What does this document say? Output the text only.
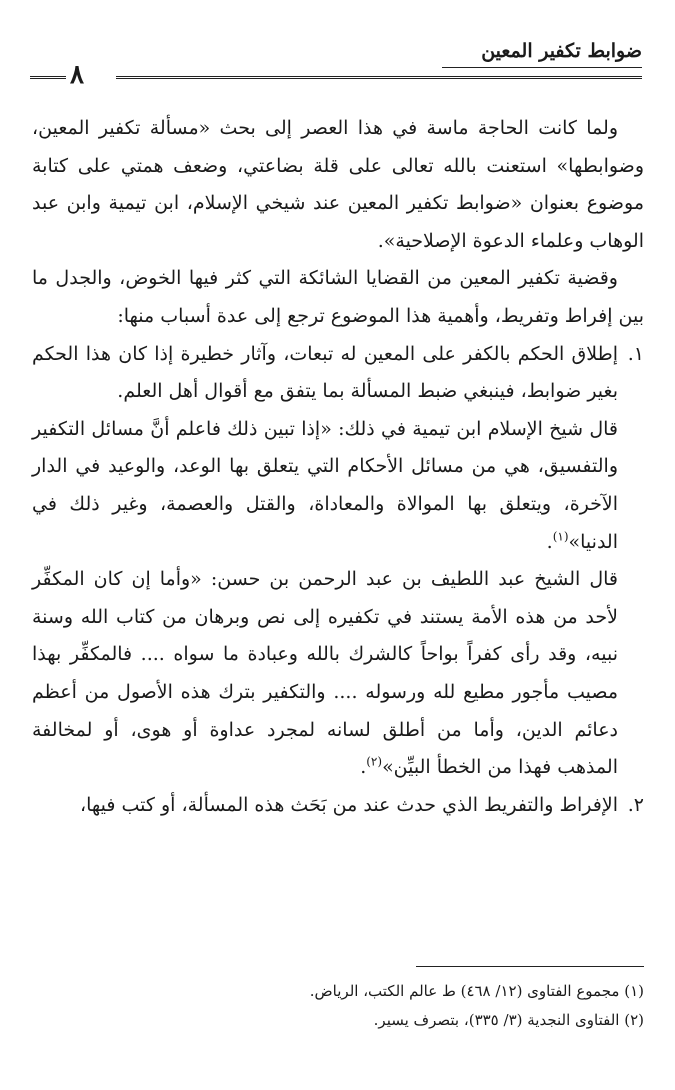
ضوابط تكفير المعين
٨

ولما كانت الحاجة ماسة في هذا العصر إلى بحث «مسألة تكفير المعين، وضوابطها» استعنت بالله تعالى على قلة بضاعتي، وضعف همتي على كتابة موضوع بعنوان «ضوابط تكفير المعين عند شيخي الإسلام، ابن تيمية وابن عبد الوهاب وعلماء الدعوة الإصلاحية».

وقضية تكفير المعين من القضايا الشائكة التي كثر فيها الخوض، والجدل ما بين إفراط وتفريط، وأهمية هذا الموضوع ترجع إلى عدة أسباب منها:

١.
إطلاق الحكم بالكفر على المعين له تبعات، وآثار خطيرة إذا كان هذا الحكم بغير ضوابط، فينبغي ضبط المسألة بما يتفق مع أقوال أهل العلم.

قال شيخ الإسلام ابن تيمية في ذلك: «إذا تبين ذلك فاعلم أنَّ مسائل التكفير والتفسيق، هي من مسائل الأحكام التي يتعلق بها الوعد، والوعيد في الدار الآخرة، ويتعلق بها الموالاة والمعاداة، والقتل والعصمة، وغير ذلك في الدنيا»$^{(١)}$.

قال الشيخ عبد اللطيف بن عبد الرحمن بن حسن: «وأما إن كان المكفِّر لأحد من هذه الأمة يستند في تكفيره إلى نص وبرهان من كتاب الله وسنة نبيه، وقد رأى كفراً بواحاً كالشرك بالله وعبادة ما سواه .... فالمكفِّر بهذا مصيب مأجور مطيع لله ورسوله .... والتكفير بترك هذه الأصول من أعظم دعائم الدين، وأما من أطلق لسانه لمجرد عداوة أو هوى، أو لمخالفة المذهب فهذا من الخطأ البيِّن»$^{(٢)}$.

٢.
الإفراط والتفريط الذي حدث عند من بَحَث هذه المسألة، أو كتب فيها،

(١) مجموع الفتاوى (١٢/ ٤٦٨) ط عالم الكتب، الرياض.
(٢) الفتاوى النجدية (٣/ ٣٣٥)، بتصرف يسير.
